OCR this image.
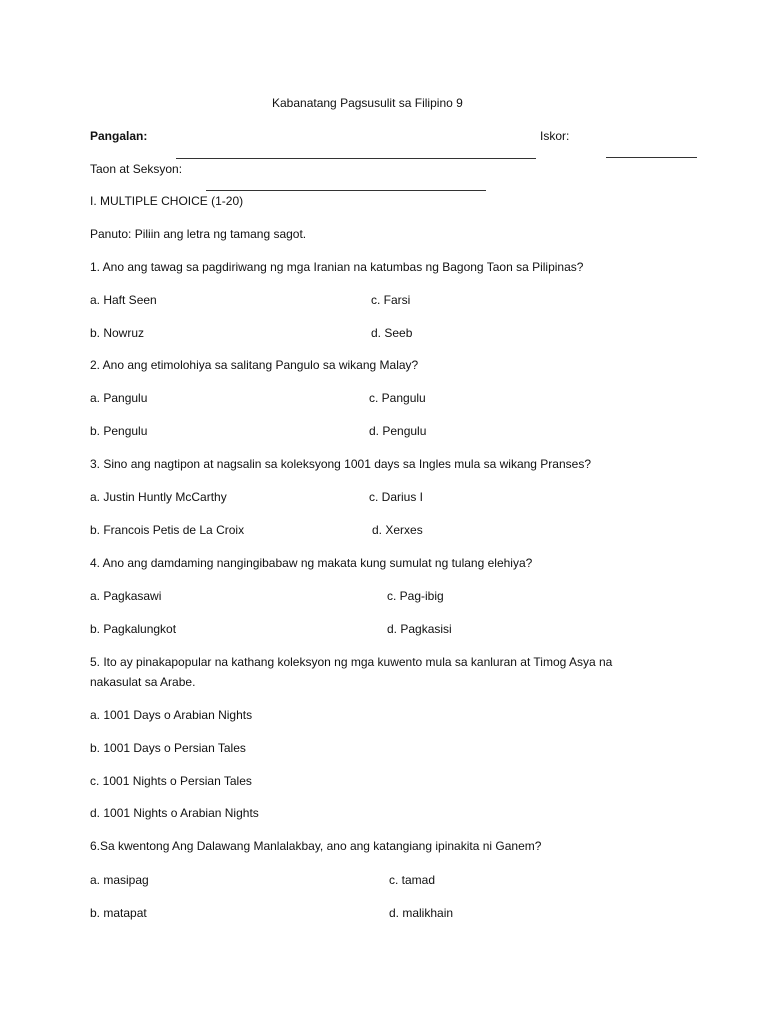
Kabanatang Pagsusulit sa Filipino 9
Pangalan:	Iskor:
Taon at Seksyon:
I. MULTIPLE CHOICE (1-20)
Panuto: Piliin ang letra ng tamang sagot.
1. Ano ang tawag sa pagdiriwang ng mga Iranian na katumbas ng Bagong Taon sa Pilipinas?
a. Haft Seen	c. Farsi
b. Nowruz	d. Seeb
2. Ano ang etimolohiya sa salitang Pangulo sa wikang Malay?
a. Pangulu	c. Pangulu
b. Pengulu	d. Pengulu
3. Sino ang nagtipon at nagsalin sa koleksyong 1001 days sa Ingles mula sa wikang Pranses?
a. Justin Huntly McCarthy	c. Darius I
b. Francois Petis de La Croix	d. Xerxes
4. Ano ang damdaming nangingibabaw ng makata kung sumulat ng tulang elehiya?
a. Pagkasawi	c. Pag-ibig
b. Pagkalungkot	d. Pagkasisi
5. Ito ay pinakapopular na kathang koleksyon ng mga kuwento mula sa kanluran at Timog Asya na
nakasulat sa Arabe.
a. 1001 Days o Arabian Nights
b. 1001 Days o Persian Tales
c. 1001 Nights o Persian Tales
d. 1001 Nights o Arabian Nights
6.Sa kwentong Ang Dalawang Manlalakbay, ano ang katangiang ipinakita ni Ganem?
a. masipag	c. tamad
b. matapat	d. malikhain
